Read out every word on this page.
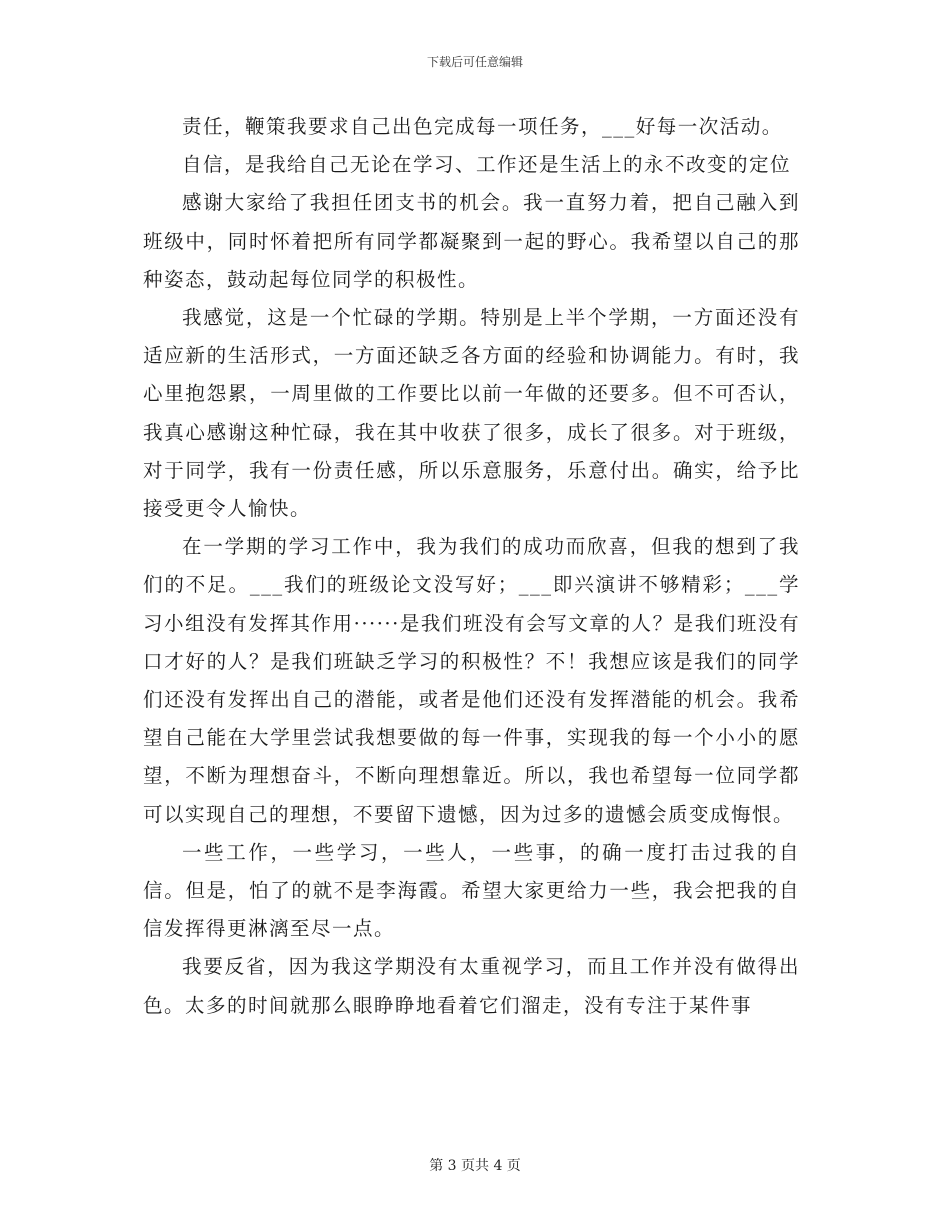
下载后可任意编辑

责任，鞭策我要求自己出色完成每一项任务，___好每一次活动。

自信，是我给自己无论在学习、工作还是生活上的永不改变的定位

感谢大家给了我担任团支书的机会。我一直努力着，把自己融入到班级中，同时怀着把所有同学都凝聚到一起的野心。我希望以自己的那种姿态，鼓动起每位同学的积极性。

我感觉，这是一个忙碌的学期。特别是上半个学期，一方面还没有适应新的生活形式，一方面还缺乏各方面的经验和协调能力。有时，我心里抱怨累，一周里做的工作要比以前一年做的还要多。但不可否认，我真心感谢这种忙碌，我在其中收获了很多，成长了很多。对于班级，对于同学，我有一份责任感，所以乐意服务，乐意付出。确实，给予比接受更令人愉快。

在一学期的学习工作中，我为我们的成功而欣喜，但我的想到了我们的不足。___我们的班级论文没写好；___即兴演讲不够精彩；___学习小组没有发挥其作用······是我们班没有会写文章的人？是我们班没有口才好的人？是我们班缺乏学习的积极性？不！我想应该是我们的同学们还没有发挥出自己的潜能，或者是他们还没有发挥潜能的机会。我希望自己能在大学里尝试我想要做的每一件事，实现我的每一个小小的愿望，不断为理想奋斗，不断向理想靠近。所以，我也希望每一位同学都可以实现自己的理想，不要留下遗憾，因为过多的遗憾会质变成悔恨。

一些工作，一些学习，一些人，一些事，的确一度打击过我的自信。但是，怕了的就不是李海霞。希望大家更给力一些，我会把我的自信发挥得更淋漓至尽一点。

我要反省，因为我这学期没有太重视学习，而且工作并没有做得出色。太多的时间就那么眼睁睁地看着它们溜走，没有专注于某件事

第 3 页共 4 页
